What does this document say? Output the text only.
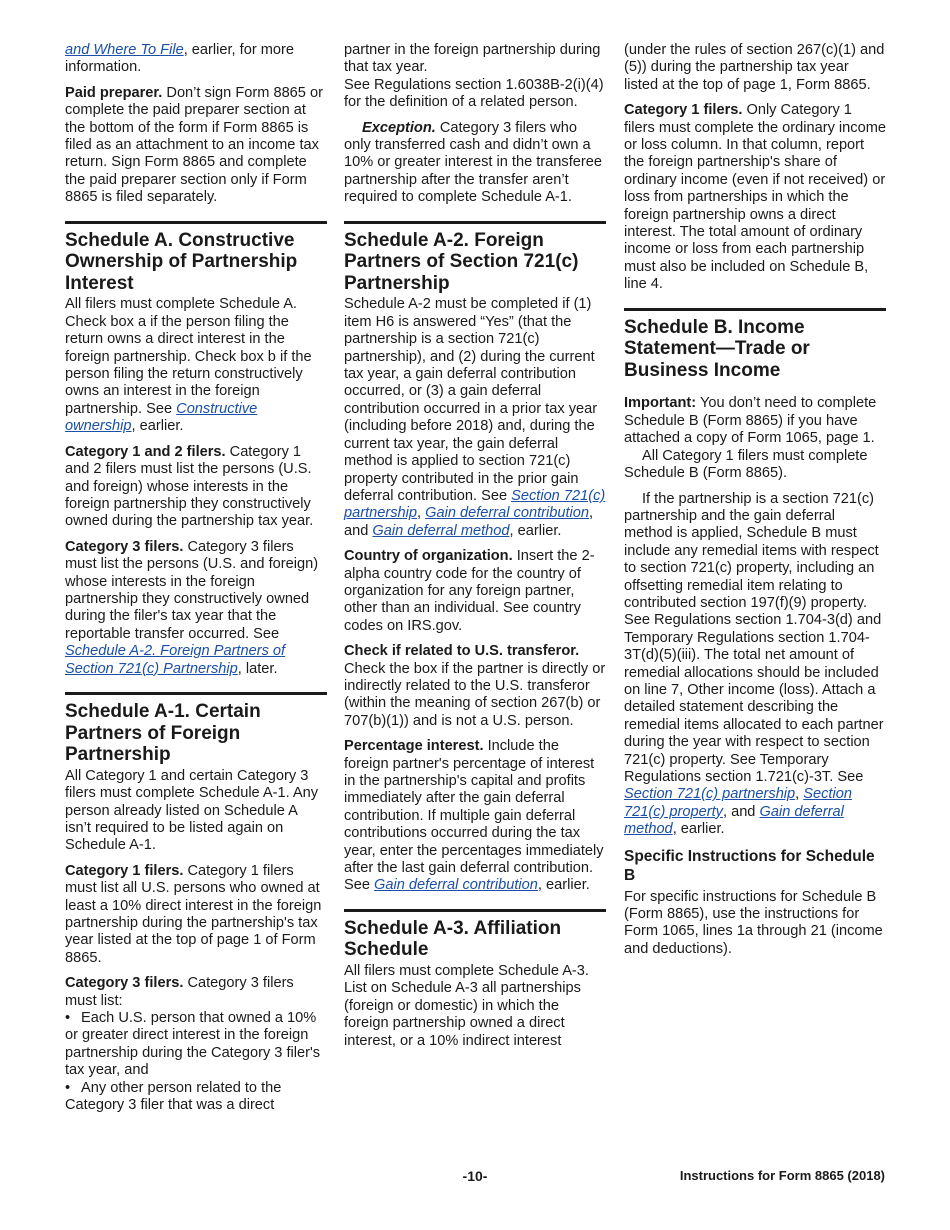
and Where To File, earlier, for more information.

Paid preparer. Don’t sign Form 8865 or complete the paid preparer section at the bottom of the form if Form 8865 is filed as an attachment to an income tax return. Sign Form 8865 and complete the paid preparer section only if Form 8865 is filed separately.

Schedule A. Constructive Ownership of Partnership Interest

All filers must complete Schedule A. Check box a if the person filing the return owns a direct interest in the foreign partnership. Check box b if the person filing the return constructively owns an interest in the foreign partnership. See Constructive ownership, earlier.

Category 1 and 2 filers. Category 1 and 2 filers must list the persons (U.S. and foreign) whose interests in the foreign partnership they constructively owned during the partnership tax year.

Category 3 filers. Category 3 filers must list the persons (U.S. and foreign) whose interests in the foreign partnership they constructively owned during the filer's tax year that the reportable transfer occurred. See Schedule A-2. Foreign Partners of Section 721(c) Partnership, later.

Schedule A-1. Certain Partners of Foreign Partnership

All Category 1 and certain Category 3 filers must complete Schedule A-1. Any person already listed on Schedule A isn’t required to be listed again on Schedule A-1.

Category 1 filers. Category 1 filers must list all U.S. persons who owned at least a 10% direct interest in the foreign partnership during the partnership's tax year listed at the top of page 1 of Form 8865.

Category 3 filers. Category 3 filers must list:

• Each U.S. person that owned a 10% or greater direct interest in the foreign partnership during the Category 3 filer's tax year, and
• Any other person related to the Category 3 filer that was a direct

partner in the foreign partnership during that tax year.

See Regulations section 1.6038B-2(i)(4) for the definition of a related person.

Exception. Category 3 filers who only transferred cash and didn’t own a 10% or greater interest in the transferee partnership after the transfer aren’t required to complete Schedule A-1.

Schedule A-2. Foreign Partners of Section 721(c) Partnership

Schedule A-2 must be completed if (1) item H6 is answered “Yes” (that the partnership is a section 721(c) partnership), and (2) during the current tax year, a gain deferral contribution occurred, or (3) a gain deferral contribution occurred in a prior tax year (including before 2018) and, during the current tax year, the gain deferral method is applied to section 721(c) property contributed in the prior gain deferral contribution. See Section 721(c) partnership, Gain deferral contribution, and Gain deferral method, earlier.

Country of organization. Insert the 2-alpha country code for the country of organization for any foreign partner, other than an individual. See country codes on IRS.gov.

Check if related to U.S. transferor. Check the box if the partner is directly or indirectly related to the U.S. transferor (within the meaning of section 267(b) or 707(b)(1)) and is not a U.S. person.

Percentage interest. Include the foreign partner's percentage of interest in the partnership's capital and profits immediately after the gain deferral contribution. If multiple gain deferral contributions occurred during the tax year, enter the percentages immediately after the last gain deferral contribution. See Gain deferral contribution, earlier.

Schedule A-3. Affiliation Schedule

All filers must complete Schedule A-3. List on Schedule A-3 all partnerships (foreign or domestic) in which the foreign partnership owned a direct interest, or a 10% indirect interest

(under the rules of section 267(c)(1) and (5)) during the partnership tax year listed at the top of page 1, Form 8865.

Category 1 filers. Only Category 1 filers must complete the ordinary income or loss column. In that column, report the foreign partnership's share of ordinary income (even if not received) or loss from partnerships in which the foreign partnership owns a direct interest. The total amount of ordinary income or loss from each partnership must also be included on Schedule B, line 4.

Schedule B. Income Statement—Trade or Business Income

Important: You don’t need to complete Schedule B (Form 8865) if you have attached a copy of Form 1065, page 1.

All Category 1 filers must complete Schedule B (Form 8865).

If the partnership is a section 721(c) partnership and the gain deferral method is applied, Schedule B must include any remedial items with respect to section 721(c) property, including an offsetting remedial item relating to contributed section 197(f)(9) property. See Regulations section 1.704-3(d) and Temporary Regulations section 1.704-3T(d)(5)(iii). The total net amount of remedial allocations should be included on line 7, Other income (loss). Attach a detailed statement describing the remedial items allocated to each partner during the year with respect to section 721(c) property. See Temporary Regulations section 1.721(c)-3T. See Section 721(c) partnership, Section 721(c) property, and Gain deferral method, earlier.

Specific Instructions for Schedule B

For specific instructions for Schedule B (Form 8865), use the instructions for Form 1065, lines 1a through 21 (income and deductions).

-10-	Instructions for Form 8865 (2018)
